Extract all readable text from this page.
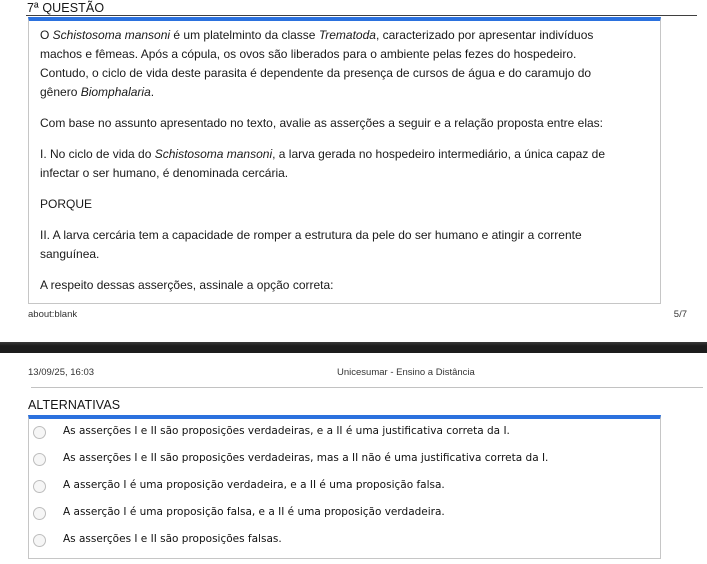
7ª QUESTÃO

O Schistosoma mansoni é um platelminto da classe Trematoda, caracterizado por apresentar indivíduos machos e fêmeas. Após a cópula, os ovos são liberados para o ambiente pelas fezes do hospedeiro. Contudo, o ciclo de vida deste parasita é dependente da presença de cursos de água e do caramujo do gênero Biomphalaria.

Com base no assunto apresentado no texto, avalie as asserções a seguir e a relação proposta entre elas:

I. No ciclo de vida do Schistosoma mansoni, a larva gerada no hospedeiro intermediário, a única capaz de infectar o ser humano, é denominada cercária.

PORQUE

II. A larva cercária tem a capacidade de romper a estrutura da pele do ser humano e atingir a corrente sanguínea.

A respeito dessas asserções, assinale a opção correta:

about:blank	5/7
13/09/25, 16:03	Unicesumar - Ensino a Distância
ALTERNATIVAS
As asserções I e II são proposições verdadeiras, e a II é uma justificativa correta da I.
As asserções I e II são proposições verdadeiras, mas a II não é uma justificativa correta da I.
A asserção I é uma proposição verdadeira, e a II é uma proposição falsa.
A asserção I é uma proposição falsa, e a II é uma proposição verdadeira.
As asserções I e II são proposições falsas.
